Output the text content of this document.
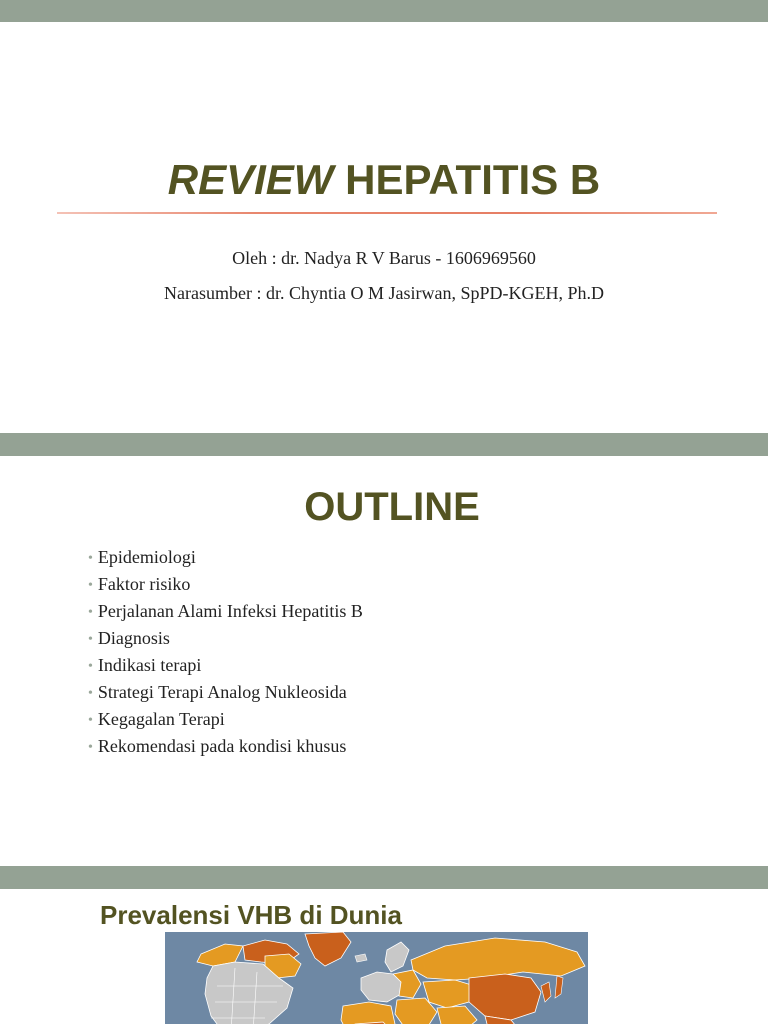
REVIEW HEPATITIS B

Oleh : dr. Nadya R V Barus - 1606969560

Narasumber : dr. Chyntia O M Jasirwan, SpPD-KGEH, Ph.D

OUTLINE
• Epidemiologi
• Faktor risiko
• Perjalanan Alami Infeksi Hepatitis B
• Diagnosis
• Indikasi terapi
• Strategi Terapi Analog Nukleosida
• Kegagalan Terapi
• Rekomendasi pada kondisi khusus
Prevalensi VHB di Dunia
